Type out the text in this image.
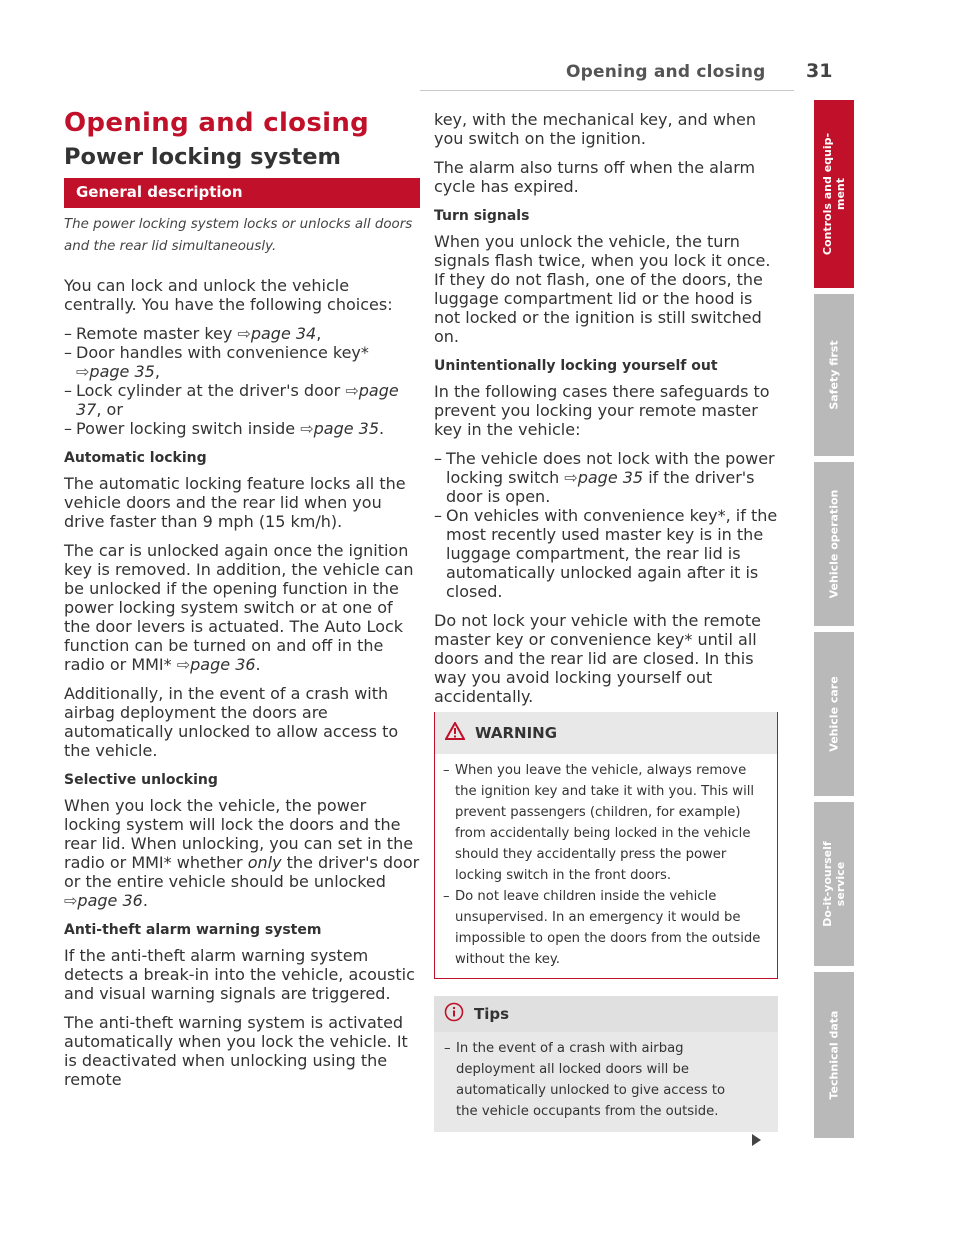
Opening and closing 31
Opening and closing
Power locking system
General description

The power locking system locks or unlocks all doors and the rear lid simultaneously.

You can lock and unlock the vehicle centrally. You have the following choices:

– Remote master key ⇨page 34,
– Door handles with convenience key* ⇨page 35,
– Lock cylinder at the driver's door ⇨page 37, or
– Power locking switch inside ⇨page 35.
Automatic locking

The automatic locking feature locks all the vehicle doors and the rear lid when you drive faster than 9 mph (15 km/h).

The car is unlocked again once the ignition key is removed. In addition, the vehicle can be unlocked if the opening function in the power locking system switch or at one of the door levers is actuated. The Auto Lock function can be turned on and off in the radio or MMI* ⇨page 36.

Additionally, in the event of a crash with airbag deployment the doors are automatically unlocked to allow access to the vehicle.

Selective unlocking

When you lock the vehicle, the power locking system will lock the doors and the rear lid. When unlocking, you can set in the radio or MMI* whether only the driver's door or the entire vehicle should be unlocked ⇨page 36.

Anti-theft alarm warning system

If the anti-theft alarm warning system detects a break-in into the vehicle, acoustic and visual warning signals are triggered.

The anti-theft warning system is activated automatically when you lock the vehicle. It is deactivated when unlocking using the remote

key, with the mechanical key, and when you switch on the ignition.

The alarm also turns off when the alarm cycle has expired.

Turn signals

When you unlock the vehicle, the turn signals flash twice, when you lock it once. If they do not flash, one of the doors, the luggage compartment lid or the hood is not locked or the ignition is still switched on.

Unintentionally locking yourself out

In the following cases there safeguards to prevent you locking your remote master key in the vehicle:

– The vehicle does not lock with the power locking switch ⇨page 35 if the driver's door is open.
– On vehicles with convenience key*, if the most recently used master key is in the luggage compartment, the rear lid is automatically unlocked again after it is closed.

Do not lock your vehicle with the remote master key or convenience key* until all doors and the rear lid are closed. In this way you avoid locking yourself out accidentally.

WARNING
– When you leave the vehicle, always remove the ignition key and take it with you. This will prevent passengers (children, for example) from accidentally being locked in the vehicle should they accidentally press the power locking switch in the front doors.
– Do not leave children inside the vehicle unsupervised. In an emergency it would be impossible to open the doors from the outside without the key.
Tips
– In the event of a crash with airbag deployment all locked doors will be automatically unlocked to give access to the vehicle occupants from the outside.
Controls and equip-
ment
Safety first
Vehicle operation
Vehicle care
Do-it-yourself
service
Technical data
